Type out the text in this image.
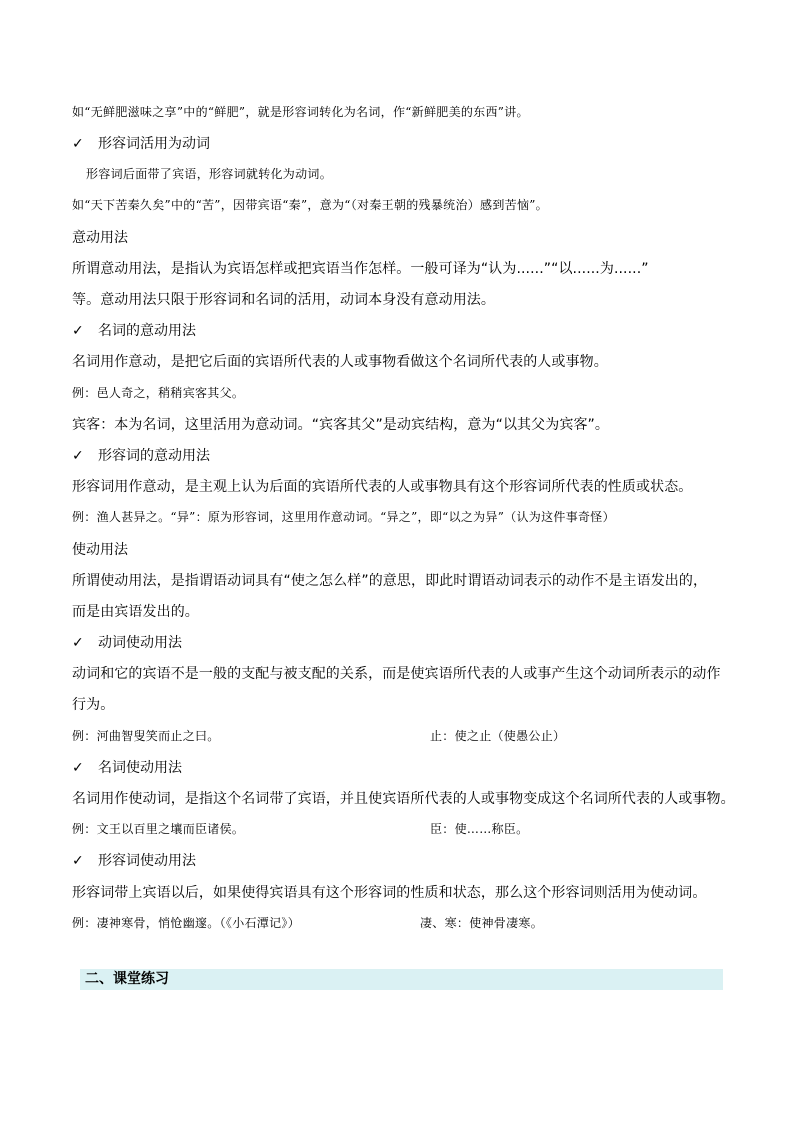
如“无鲜肥滋味之享”中的“鲜肥”，就是形容词转化为名词，作“新鲜肥美的东西”讲。
✓ 形容词活用为动词
形容词后面带了宾语，形容词就转化为动词。
如“天下苦秦久矣”中的“苦”，因带宾语“秦”，意为“（对秦王朝的残暴统治）感到苦恼”。
意动用法
所谓意动用法，是指认为宾语怎样或把宾语当作怎样。一般可译为“认为......”“以......为......”
等。意动用法只限于形容词和名词的活用，动词本身没有意动用法。
✓ 名词的意动用法
名词用作意动，是把它后面的宾语所代表的人或事物看做这个名词所代表的人或事物。
例：邑人奇之，稍稍宾客其父。
宾客：本为名词，这里活用为意动词。“宾客其父”是动宾结构，意为“以其父为宾客”。
✓ 形容词的意动用法
形容词用作意动，是主观上认为后面的宾语所代表的人或事物具有这个形容词所代表的性质或状态。
例：渔人甚异之。“异”：原为形容词，这里用作意动词。“异之”，即“以之为异”（认为这件事奇怪）
使动用法
所谓使动用法，是指谓语动词具有“使之怎么样”的意思，即此时谓语动词表示的动作不是主语发出的，
而是由宾语发出的。
✓ 动词使动用法
动词和它的宾语不是一般的支配与被支配的关系，而是使宾语所代表的人或事产生这个动词所表示的动作
行为。
例：河曲智叟笑而止之曰。	止：使之止（使愚公止）
✓ 名词使动用法
名词用作使动词，是指这个名词带了宾语，并且使宾语所代表的人或事物变成这个名词所代表的人或事物。
例：文王以百里之壤而臣诸侯。	臣：使……称臣。
✓ 形容词使动用法
形容词带上宾语以后，如果使得宾语具有这个形容词的性质和状态，那么这个形容词则活用为使动词。
例：凄神寒骨，悄怆幽邃。（《小石潭记》）	凄、寒：使神骨凄寒。
二、课堂练习
